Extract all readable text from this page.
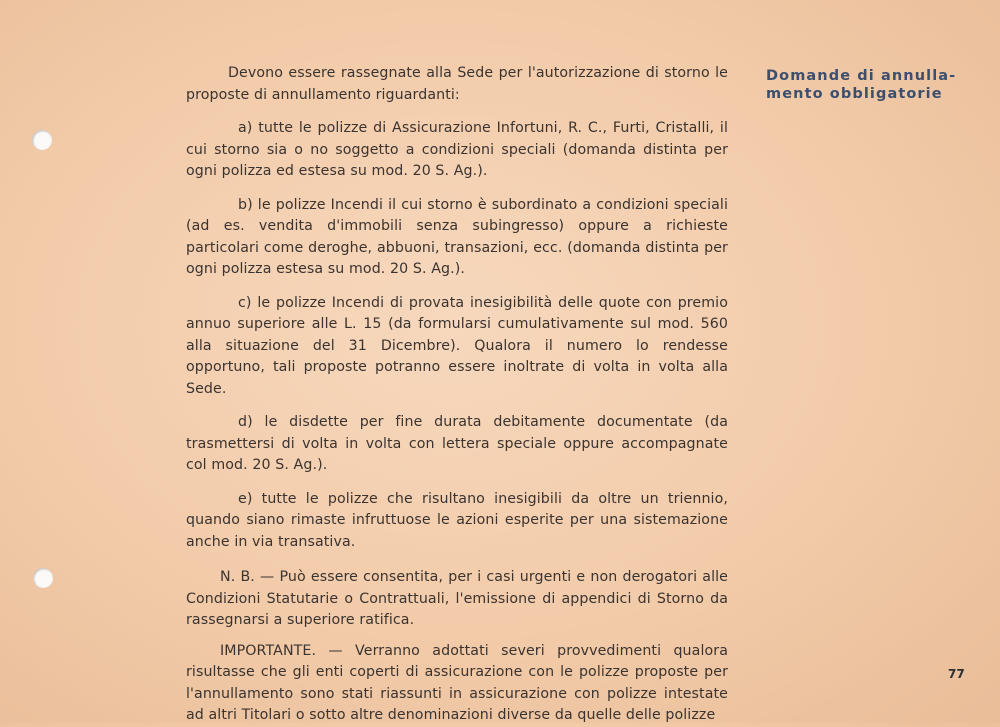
Devono essere rassegnate alla Sede per l'autorizzazione di storno le proposte di annullamento riguardanti:

a) tutte le polizze di Assicurazione Infortuni, R. C., Furti, Cristalli, il cui storno sia o no soggetto a condizioni speciali (domanda distinta per ogni polizza ed estesa su mod. 20 S. Ag.).

b) le polizze Incendi il cui storno è subordinato a condizioni speciali (ad es. vendita d'immobili senza subingresso) oppure a richieste particolari come deroghe, abbuoni, transazioni, ecc. (domanda distinta per ogni polizza estesa su mod. 20 S. Ag.).

c) le polizze Incendi di provata inesigibilità delle quote con premio annuo superiore alle L. 15 (da formularsi cumulativamente sul mod. 560 alla situazione del 31 Dicembre). Qualora il numero lo rendesse opportuno, tali proposte potranno essere inoltrate di volta in volta alla Sede.

d) le disdette per fine durata debitamente documentate (da trasmettersi di volta in volta con lettera speciale oppure accompagnate col mod. 20 S. Ag.).

e) tutte le polizze che risultano inesigibili da oltre un triennio, quando siano rimaste infruttuose le azioni esperite per una sistemazione anche in via transativa.

N. B. — Può essere consentita, per i casi urgenti e non derogatori alle Condizioni Statutarie o Contrattuali, l'emissione di appendici di Storno da rassegnarsi a superiore ratifica.

IMPORTANTE. — Verranno adottati severi provvedimenti qualora risultasse che gli enti coperti di assicurazione con le polizze proposte per l'annullamento sono stati riassunti in assicurazione con polizze intestate ad altri Titolari o sotto altre denominazioni diverse da quelle delle polizze

Domande di annulla-
mento obbligatorie
77
